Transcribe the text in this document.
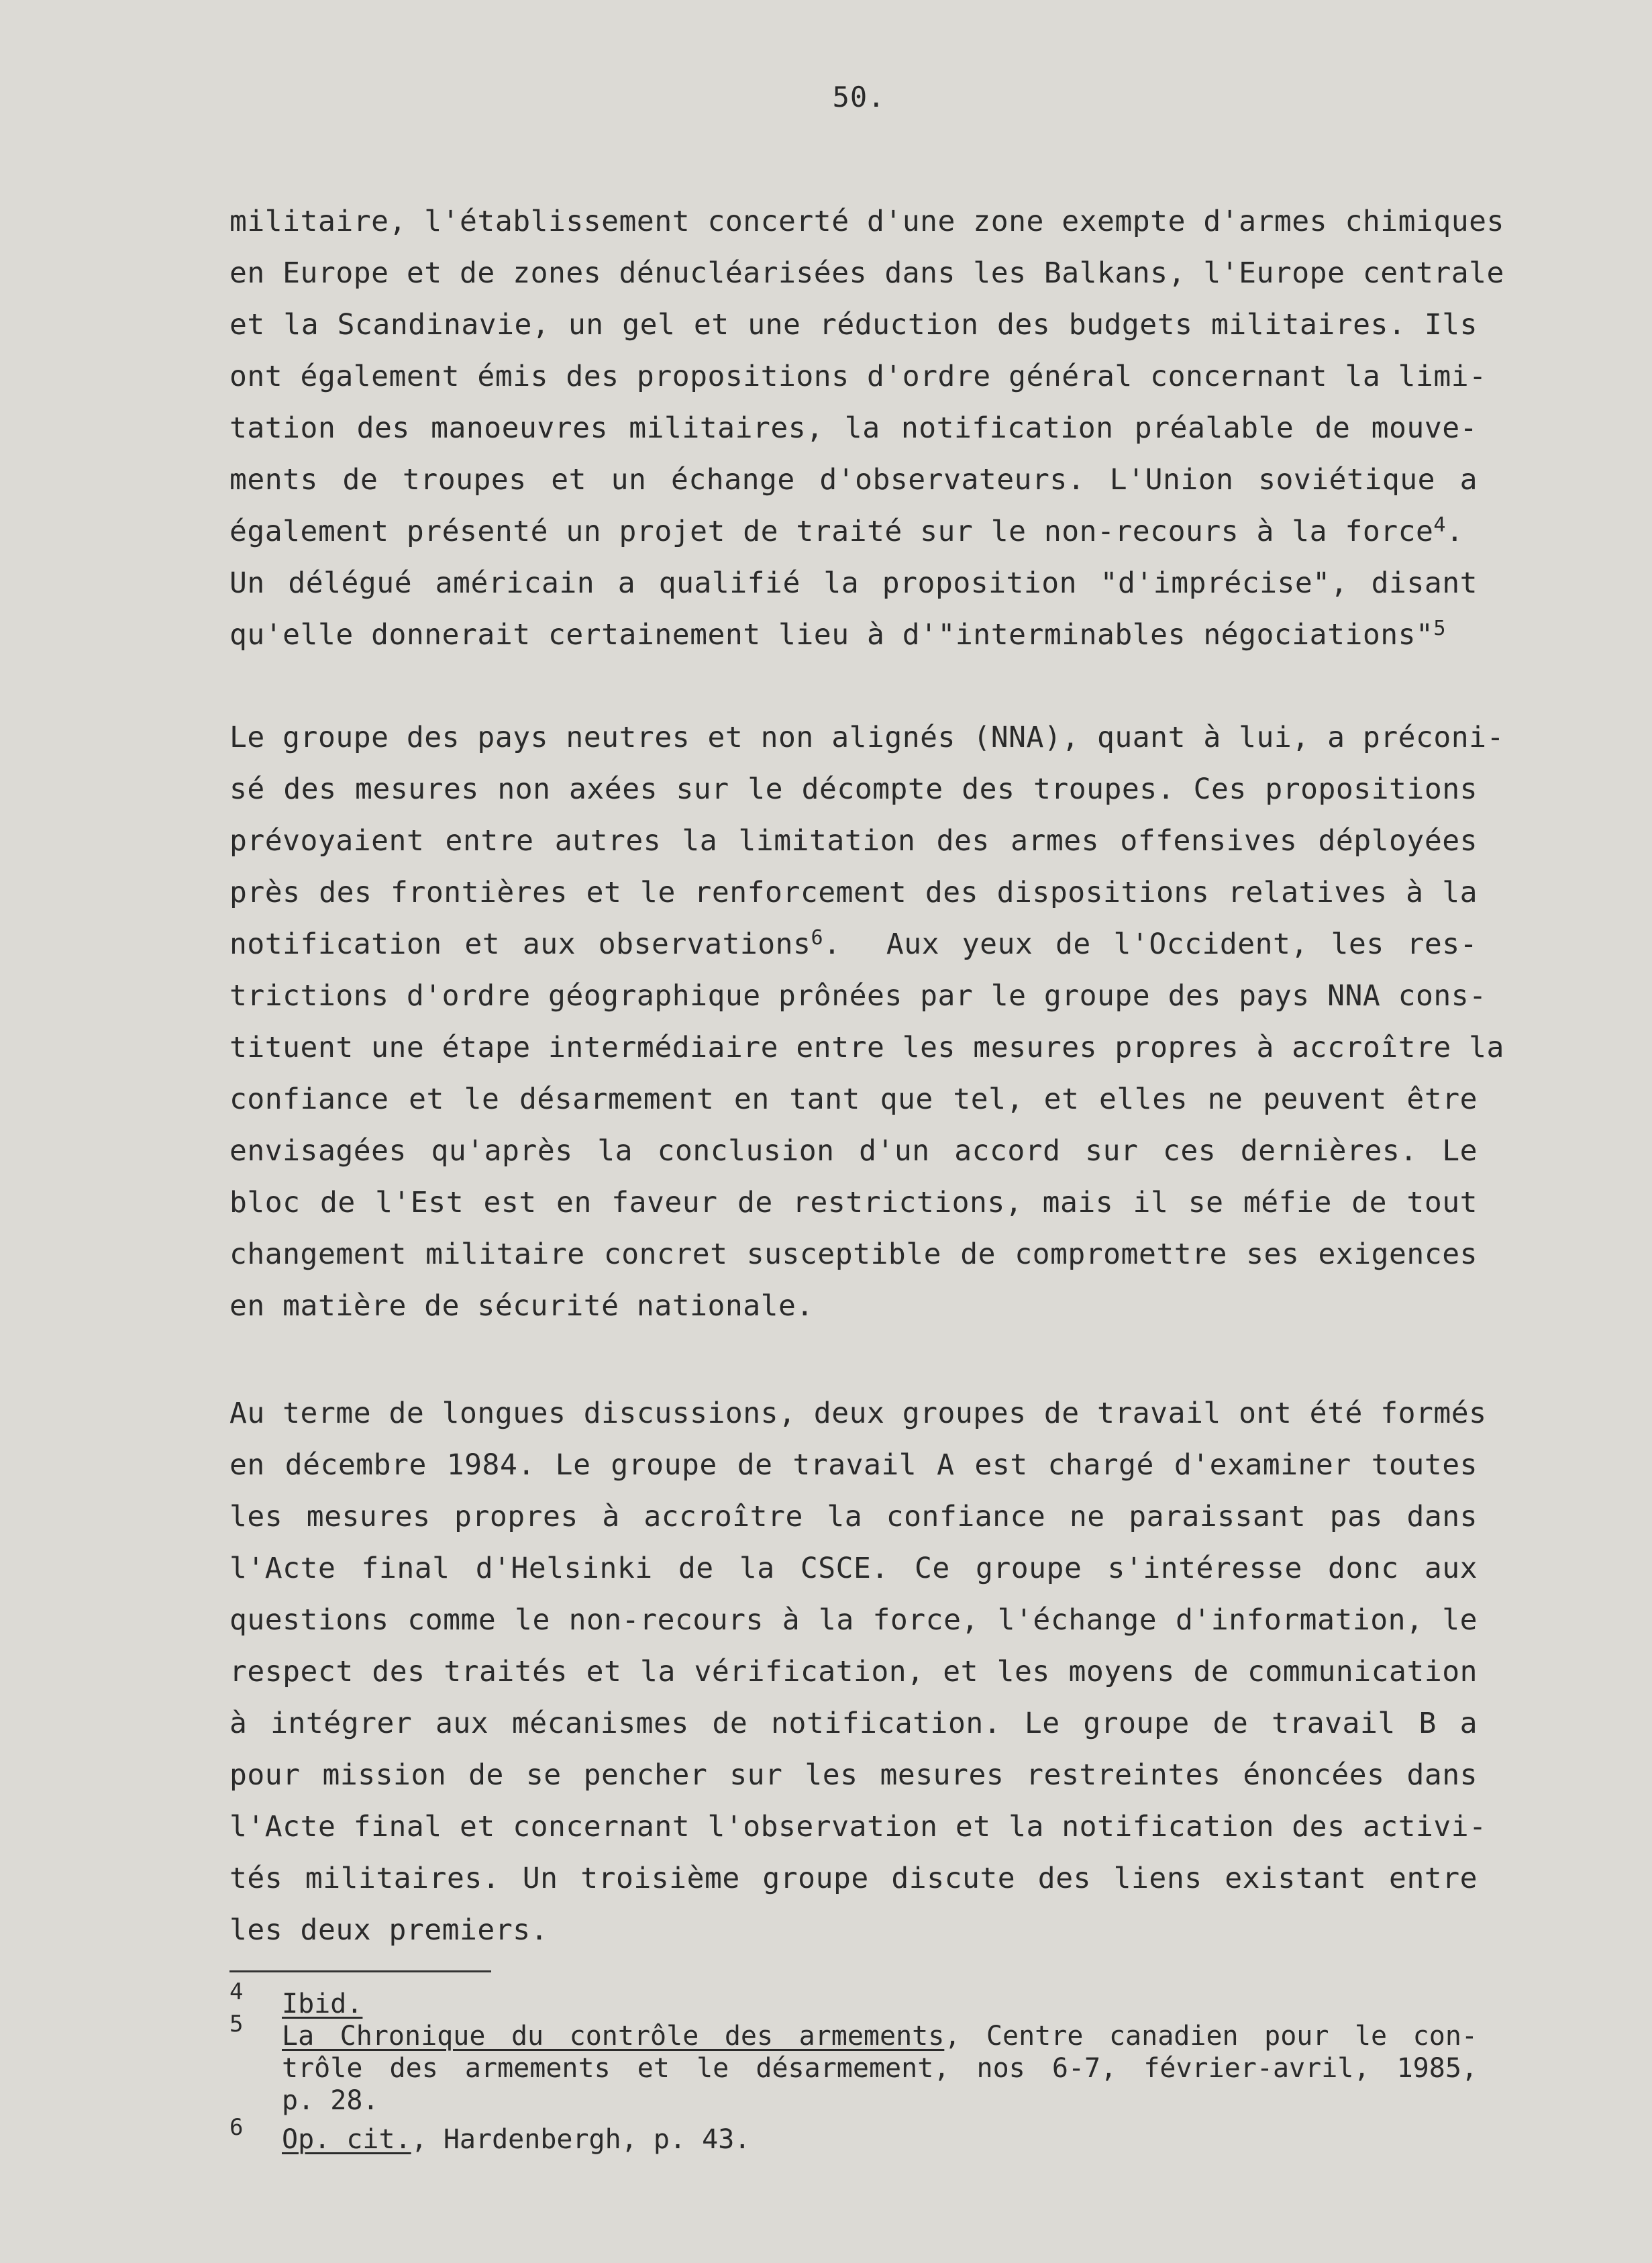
50.
militaire, l'établissement concerté d'une zone exempte d'armes chimiques
en Europe et de zones dénucléarisées dans les Balkans, l'Europe centrale
et la Scandinavie, un gel et une réduction des budgets militaires. Ils
ont également émis des propositions d'ordre général concernant la limi-
tation des manoeuvres militaires, la notification préalable de mouve-
ments de troupes et un échange d'observateurs. L'Union soviétique a
également présenté un projet de traité sur le non-recours à la force$^4$.
Un délégué américain a qualifié la proposition "d'imprécise", disant
qu'elle donnerait certainement lieu à d'"interminables négociations"$^5$
Le groupe des pays neutres et non alignés (NNA), quant à lui, a préconi-
sé des mesures non axées sur le décompte des troupes. Ces propositions
prévoyaient entre autres la limitation des armes offensives déployées
près des frontières et le renforcement des dispositions relatives à la
notification et aux observations$^6$.  Aux yeux de l'Occident, les res-
trictions d'ordre géographique prônées par le groupe des pays NNA cons-
tituent une étape intermédiaire entre les mesures propres à accroître la
confiance et le désarmement en tant que tel, et elles ne peuvent être
envisagées qu'après la conclusion d'un accord sur ces dernières. Le
bloc de l'Est est en faveur de restrictions, mais il se méfie de tout
changement militaire concret susceptible de compromettre ses exigences
en matière de sécurité nationale.
Au terme de longues discussions, deux groupes de travail ont été formés
en décembre 1984. Le groupe de travail A est chargé d'examiner toutes
les mesures propres à accroître la confiance ne paraissant pas dans
l'Acte final d'Helsinki de la CSCE. Ce groupe s'intéresse donc aux
questions comme le non-recours à la force, l'échange d'information, le
respect des traités et la vérification, et les moyens de communication
à intégrer aux mécanismes de notification. Le groupe de travail B a
pour mission de se pencher sur les mesures restreintes énoncées dans
l'Acte final et concernant l'observation et la notification des activi-
tés militaires. Un troisième groupe discute des liens existant entre
les deux premiers.
4 Ibid.
5 La Chronique du contrôle des armements, Centre canadien pour le con-
trôle des armements et le désarmement, nos 6-7, février-avril, 1985,
p. 28.
6 Op. cit., Hardenbergh, p. 43.
